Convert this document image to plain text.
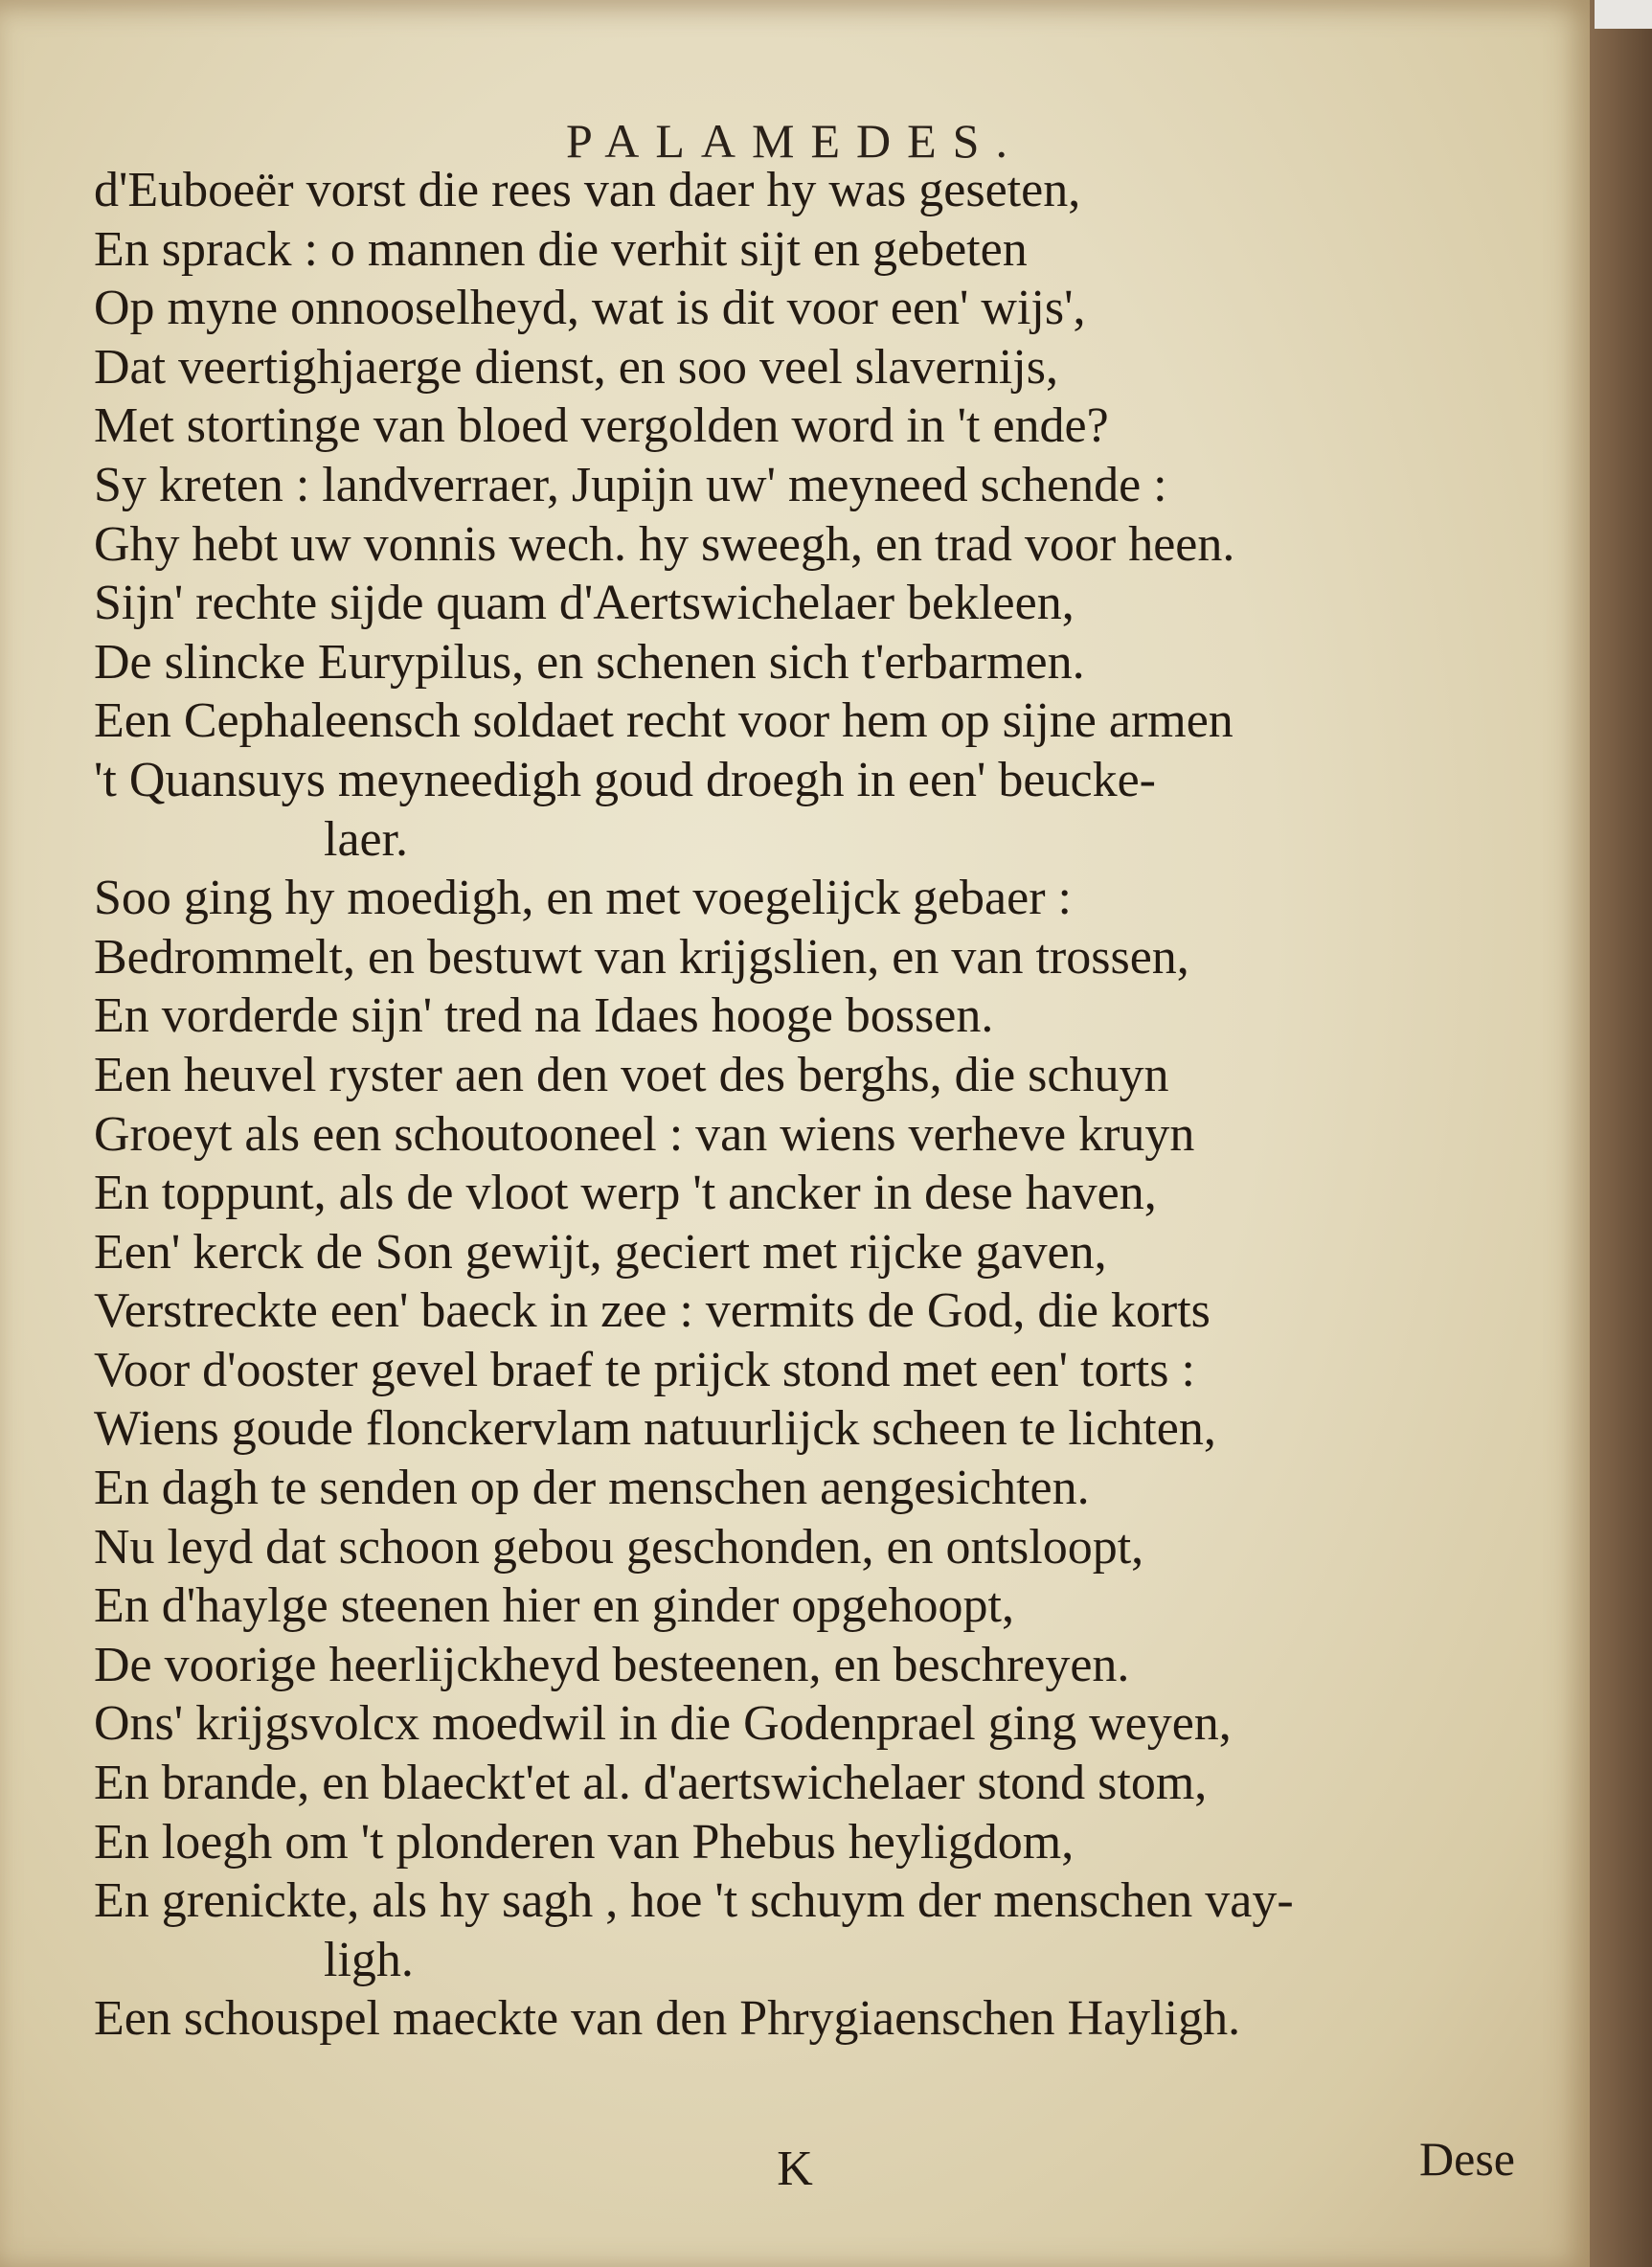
PALAMEDES.
d'Euboeër vorst die rees van daer hy was geseten,
En sprack : o mannen die verhit sijt en gebeten
Op myne onnooselheyd, wat is dit voor een' wijs',
Dat veertighjaerge dienst, en soo veel slavernijs,
Met stortinge van bloed vergolden word in 't ende?
Sy kreten : landverraer, Jupijn uw' meyneed schende :
Ghy hebt uw vonnis wech. hy sweegh, en trad voor heen.
Sijn' rechte sijde quam d'Aertswichelaer bekleen,
De slincke Eurypilus, en schenen sich t'erbarmen.
Een Cephaleensch soldaet recht voor hem op sijne armen
't Quansuys meyneedigh goud droegh in een' beucke-
laer.
Soo ging hy moedigh, en met voegelijck gebaer :
Bedrommelt, en bestuwt van krijgslien, en van trossen,
En vorderde sijn' tred na Idaes hooge bossen.
Een heuvel ryster aen den voet des berghs, die schuyn
Groeyt als een schoutooneel : van wiens verheve kruyn
En toppunt, als de vloot werp 't ancker in dese haven,
Een' kerck de Son gewijt, geciert met rijcke gaven,
Verstreckte een' baeck in zee : vermits de God, die korts
Voor d'ooster gevel braef te prijck stond met een' torts :
Wiens goude flonckervlam natuurlijck scheen te lichten,
En dagh te senden op der menschen aengesichten.
Nu leyd dat schoon gebou geschonden, en ontsloopt,
En d'haylge steenen hier en ginder opgehoopt,
De voorige heerlijckheyd besteenen, en beschreyen.
Ons' krijgsvolcx moedwil in die Godenprael ging weyen,
En brande, en blaeckt'et al. d'aertswichelaer stond stom,
En loegh om 't plonderen van Phebus heyligdom,
En grenickte, als hy sagh , hoe 't schuym der menschen vay-
ligh.
Een schouspel maeckte van den Phrygiaenschen Hayligh.
K	Dese
